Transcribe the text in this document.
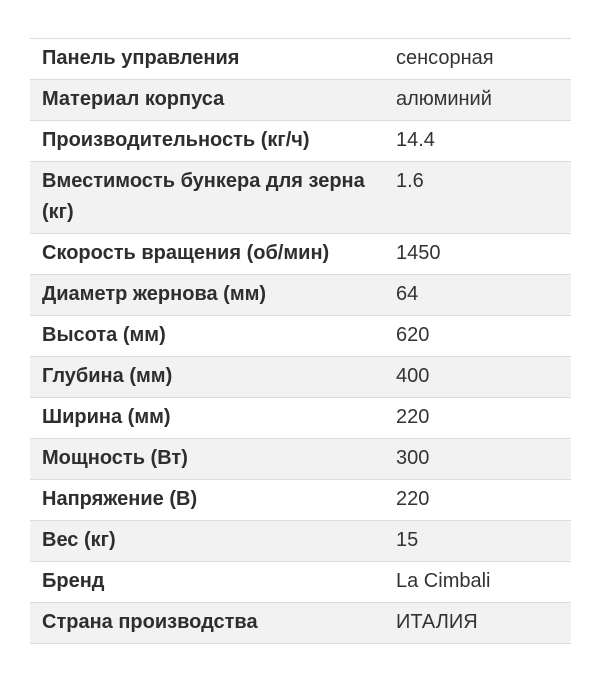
Панель управления	сенсорная
Материал корпуса	алюминий
Производительность (кг/ч)	14.4
Вместимость бункера для зерна (кг)	1.6
Скорость вращения (об/мин)	1450
Диаметр жернова (мм)	64
Высота (мм)	620
Глубина (мм)	400
Ширина (мм)	220
Мощность (Вт)	300
Напряжение (В)	220
Вес (кг)	15
Бренд	La Cimbali
Страна производства	ИТАЛИЯ
